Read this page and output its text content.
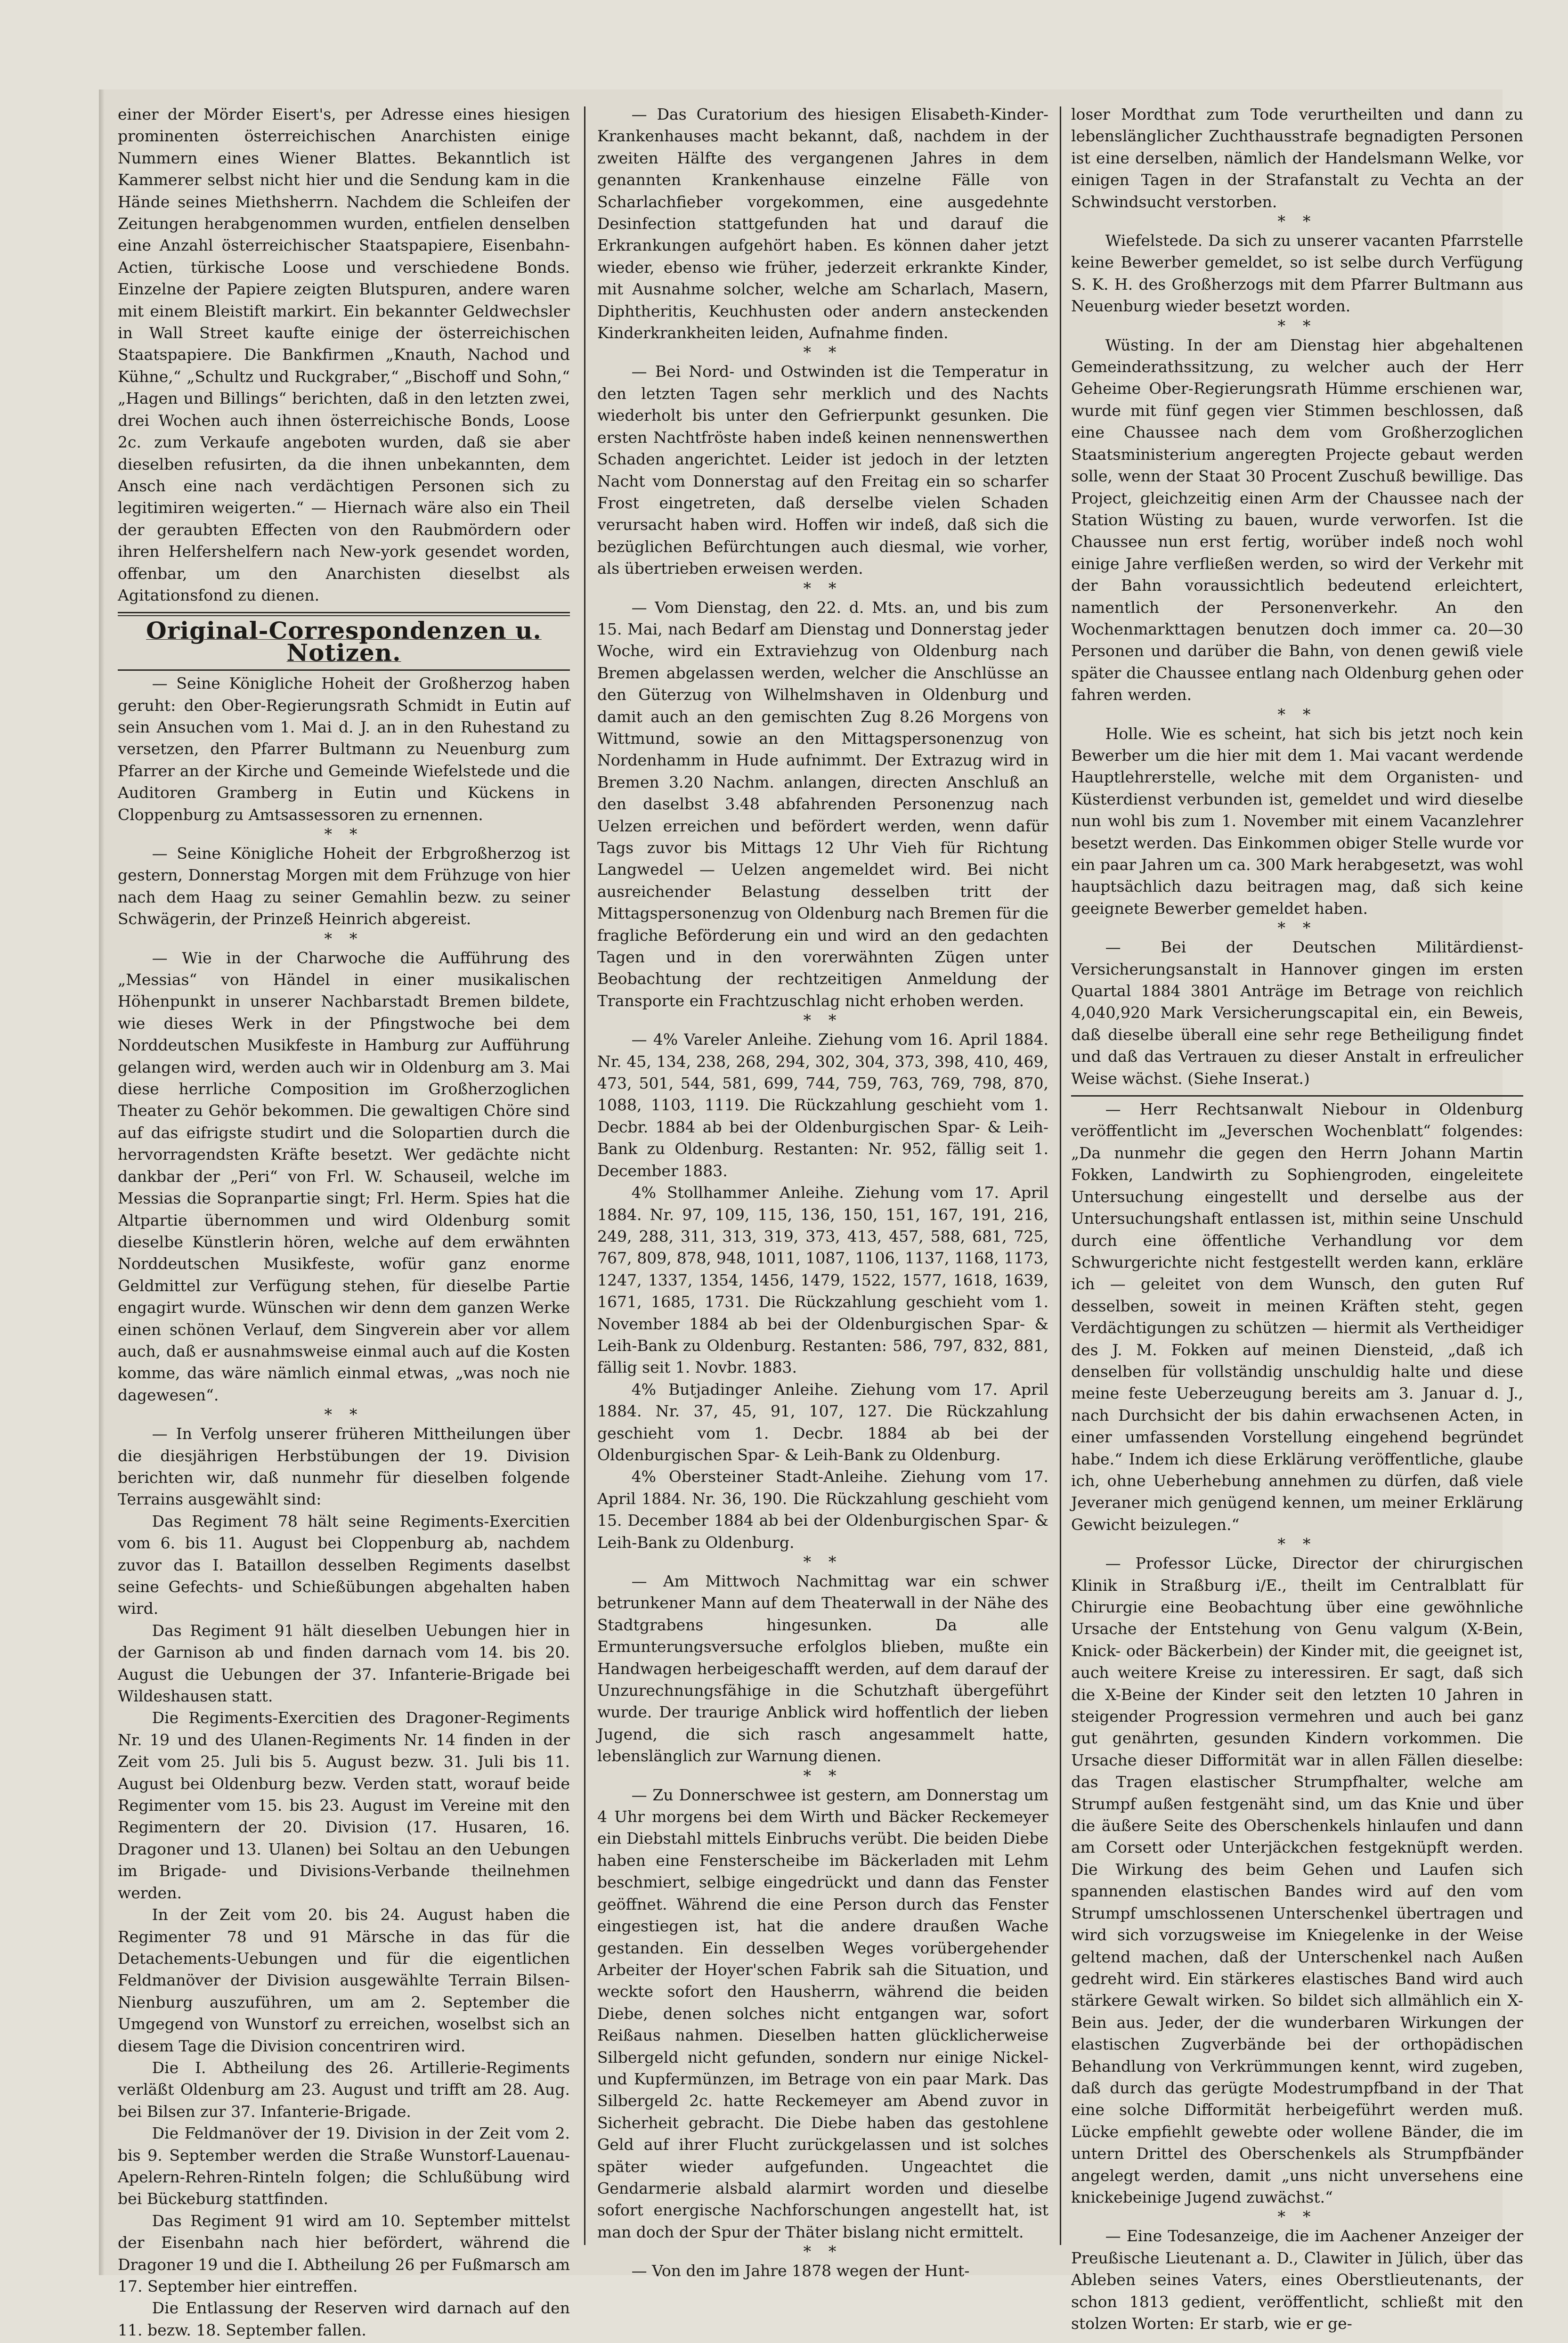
einer der Mörder Eisert's, per Adresse eines hiesigen prominenten österreichischen Anarchisten einige Nummern eines Wiener Blattes. Bekanntlich ist Kammerer selbst nicht hier und die Sendung kam in die Hände seines Miethsherrn. Nachdem die Schleifen der Zeitungen herabgenommen wurden, entfielen denselben eine Anzahl österreichischer Staatspapiere, Eisenbahn-Actien, türkische Loose und verschiedene Bonds. Einzelne der Papiere zeigten Blutspuren, andere waren mit einem Bleistift markirt. Ein bekannter Geldwechsler in Wall Street kaufte einige der österreichischen Staatspapiere. Die Bankfirmen „Knauth, Nachod und Kühne,“ „Schultz und Ruckgraber,“ „Bischoff und Sohn,“ „Hagen und Billings“ berichten, daß in den letzten zwei, drei Wochen auch ihnen österreichische Bonds, Loose 2c. zum Verkaufe angeboten wurden, daß sie aber dieselben refusirten, da die ihnen unbekannten, dem Ansch eine nach verdächtigen Personen sich zu legitimiren weigerten.“ — Hiernach wäre also ein Theil der geraubten Effecten von den Raubmördern oder ihren Helfershelfern nach New-york gesendet worden, offenbar, um den Anarchisten dieselbst als Agitationsfond zu dienen.

Original-Correspondenzen u. Notizen.

— Seine Königliche Hoheit der Großherzog haben geruht: den Ober-Regierungsrath Schmidt in Eutin auf sein Ansuchen vom 1. Mai d. J. an in den Ruhestand zu versetzen, den Pfarrer Bultmann zu Neuenburg zum Pfarrer an der Kirche und Gemeinde Wiefelstede und die Auditoren Gramberg in Eutin und Kückens in Cloppenburg zu Amtsassessoren zu ernennen.

* *

— Seine Königliche Hoheit der Erbgroßherzog ist gestern, Donnerstag Morgen mit dem Frühzuge von hier nach dem Haag zu seiner Gemahlin bezw. zu seiner Schwägerin, der Prinzeß Heinrich abgereist.

* *

— Wie in der Charwoche die Aufführung des „Messias“ von Händel in einer musikalischen Höhenpunkt in unserer Nachbarstadt Bremen bildete, wie dieses Werk in der Pfingstwoche bei dem Norddeutschen Musikfeste in Hamburg zur Aufführung gelangen wird, werden auch wir in Oldenburg am 3. Mai diese herrliche Composition im Großherzoglichen Theater zu Gehör bekommen. Die gewaltigen Chöre sind auf das eifrigste studirt und die Solopartien durch die hervorragendsten Kräfte besetzt. Wer gedächte nicht dankbar der „Peri“ von Frl. W. Schauseil, welche im Messias die Sopranpartie singt; Frl. Herm. Spies hat die Altpartie übernommen und wird Oldenburg somit dieselbe Künstlerin hören, welche auf dem erwähnten Norddeutschen Musikfeste, wofür ganz enorme Geldmittel zur Verfügung stehen, für dieselbe Partie engagirt wurde. Wünschen wir denn dem ganzen Werke einen schönen Verlauf, dem Singverein aber vor allem auch, daß er ausnahmsweise einmal auch auf die Kosten komme, das wäre nämlich einmal etwas, „was noch nie dagewesen“.

* *

— In Verfolg unserer früheren Mittheilungen über die diesjährigen Herbstübungen der 19. Division berichten wir, daß nunmehr für dieselben folgende Terrains ausgewählt sind:

Das Regiment 78 hält seine Regiments-Exercitien vom 6. bis 11. August bei Cloppenburg ab, nachdem zuvor das I. Bataillon desselben Regiments daselbst seine Gefechts- und Schießübungen abgehalten haben wird.

Das Regiment 91 hält dieselben Uebungen hier in der Garnison ab und finden darnach vom 14. bis 20. August die Uebungen der 37. Infanterie-Brigade bei Wildeshausen statt.

Die Regiments-Exercitien des Dragoner-Regiments Nr. 19 und des Ulanen-Regiments Nr. 14 finden in der Zeit vom 25. Juli bis 5. August bezw. 31. Juli bis 11. August bei Oldenburg bezw. Verden statt, worauf beide Regimenter vom 15. bis 23. August im Vereine mit den Regimentern der 20. Division (17. Husaren, 16. Dragoner und 13. Ulanen) bei Soltau an den Uebungen im Brigade- und Divisions-Verbande theilnehmen werden.

In der Zeit vom 20. bis 24. August haben die Regimenter 78 und 91 Märsche in das für die Detachements-Uebungen und für die eigentlichen Feldmanöver der Division ausgewählte Terrain Bilsen-Nienburg auszuführen, um am 2. September die Umgegend von Wunstorf zu erreichen, woselbst sich an diesem Tage die Division concentriren wird.

Die I. Abtheilung des 26. Artillerie-Regiments verläßt Oldenburg am 23. August und trifft am 28. Aug. bei Bilsen zur 37. Infanterie-Brigade.

Die Feldmanöver der 19. Division in der Zeit vom 2. bis 9. September werden die Straße Wunstorf-Lauenau-Apelern-Rehren-Rinteln folgen; die Schlußübung wird bei Bückeburg stattfinden.

Das Regiment 91 wird am 10. September mittelst der Eisenbahn nach hier befördert, während die Dragoner 19 und die I. Abtheilung 26 per Fußmarsch am 17. September hier eintreffen.

Die Entlassung der Reserven wird darnach auf den 11. bezw. 18. September fallen.

— Das Curatorium des hiesigen Elisabeth-Kinder-Krankenhauses macht bekannt, daß, nachdem in der zweiten Hälfte des vergangenen Jahres in dem genannten Krankenhause einzelne Fälle von Scharlachfieber vorgekommen, eine ausgedehnte Desinfection stattgefunden hat und darauf die Erkrankungen aufgehört haben. Es können daher jetzt wieder, ebenso wie früher, jederzeit erkrankte Kinder, mit Ausnahme solcher, welche am Scharlach, Masern, Diphtheritis, Keuchhusten oder andern ansteckenden Kinderkrankheiten leiden, Aufnahme finden.

* *

— Bei Nord- und Ostwinden ist die Temperatur in den letzten Tagen sehr merklich und des Nachts wiederholt bis unter den Gefrierpunkt gesunken. Die ersten Nachtfröste haben indeß keinen nennenswerthen Schaden angerichtet. Leider ist jedoch in der letzten Nacht vom Donnerstag auf den Freitag ein so scharfer Frost eingetreten, daß derselbe vielen Schaden verursacht haben wird. Hoffen wir indeß, daß sich die bezüglichen Befürchtungen auch diesmal, wie vorher, als übertrieben erweisen werden.

* *

— Vom Dienstag, den 22. d. Mts. an, und bis zum 15. Mai, nach Bedarf am Dienstag und Donnerstag jeder Woche, wird ein Extraviehzug von Oldenburg nach Bremen abgelassen werden, welcher die Anschlüsse an den Güterzug von Wilhelmshaven in Oldenburg und damit auch an den gemischten Zug 8.26 Morgens von Wittmund, sowie an den Mittagspersonenzug von Nordenhamm in Hude aufnimmt. Der Extrazug wird in Bremen 3.20 Nachm. anlangen, directen Anschluß an den daselbst 3.48 abfahrenden Personenzug nach Uelzen erreichen und befördert werden, wenn dafür Tags zuvor bis Mittags 12 Uhr Vieh für Richtung Langwedel — Uelzen angemeldet wird. Bei nicht ausreichender Belastung desselben tritt der Mittagspersonenzug von Oldenburg nach Bremen für die fragliche Beförderung ein und wird an den gedachten Tagen und in den vorerwähnten Zügen unter Beobachtung der rechtzeitigen Anmeldung der Transporte ein Frachtzuschlag nicht erhoben werden.

* *

— 4% Vareler Anleihe. Ziehung vom 16. April 1884. Nr. 45, 134, 238, 268, 294, 302, 304, 373, 398, 410, 469, 473, 501, 544, 581, 699, 744, 759, 763, 769, 798, 870, 1088, 1103, 1119. Die Rückzahlung geschieht vom 1. Decbr. 1884 ab bei der Oldenburgischen Spar- & Leih-Bank zu Oldenburg. Restanten: Nr. 952, fällig seit 1. December 1883.

4% Stollhammer Anleihe. Ziehung vom 17. April 1884. Nr. 97, 109, 115, 136, 150, 151, 167, 191, 216, 249, 288, 311, 313, 319, 373, 413, 457, 588, 681, 725, 767, 809, 878, 948, 1011, 1087, 1106, 1137, 1168, 1173, 1247, 1337, 1354, 1456, 1479, 1522, 1577, 1618, 1639, 1671, 1685, 1731. Die Rückzahlung geschieht vom 1. November 1884 ab bei der Oldenburgischen Spar- & Leih-Bank zu Oldenburg. Restanten: 586, 797, 832, 881, fällig seit 1. Novbr. 1883.

4% Butjadinger Anleihe. Ziehung vom 17. April 1884. Nr. 37, 45, 91, 107, 127. Die Rückzahlung geschieht vom 1. Decbr. 1884 ab bei der Oldenburgischen Spar- & Leih-Bank zu Oldenburg.

4% Obersteiner Stadt-Anleihe. Ziehung vom 17. April 1884. Nr. 36, 190. Die Rückzahlung geschieht vom 15. December 1884 ab bei der Oldenburgischen Spar- & Leih-Bank zu Oldenburg.

* *

— Am Mittwoch Nachmittag war ein schwer betrunkener Mann auf dem Theaterwall in der Nähe des Stadtgrabens hingesunken. Da alle Ermunterungsversuche erfolglos blieben, mußte ein Handwagen herbeigeschafft werden, auf dem darauf der Unzurechnungsfähige in die Schutzhaft übergeführt wurde. Der traurige Anblick wird hoffentlich der lieben Jugend, die sich rasch angesammelt hatte, lebenslänglich zur Warnung dienen.

* *

— Zu Donnerschwee ist gestern, am Donnerstag um 4 Uhr morgens bei dem Wirth und Bäcker Reckemeyer ein Diebstahl mittels Einbruchs verübt. Die beiden Diebe haben eine Fensterscheibe im Bäckerladen mit Lehm beschmiert, selbige eingedrückt und dann das Fenster geöffnet. Während die eine Person durch das Fenster eingestiegen ist, hat die andere draußen Wache gestanden. Ein desselben Weges vorübergehender Arbeiter der Hoyer'schen Fabrik sah die Situation, und weckte sofort den Hausherrn, während die beiden Diebe, denen solches nicht entgangen war, sofort Reißaus nahmen. Dieselben hatten glücklicherweise Silbergeld nicht gefunden, sondern nur einige Nickel- und Kupfermünzen, im Betrage von ein paar Mark. Das Silbergeld 2c. hatte Reckemeyer am Abend zuvor in Sicherheit gebracht. Die Diebe haben das gestohlene Geld auf ihrer Flucht zurückgelassen und ist solches später wieder aufgefunden. Ungeachtet die Gendarmerie alsbald alarmirt worden und dieselbe sofort energische Nachforschungen angestellt hat, ist man doch der Spur der Thäter bislang nicht ermittelt.

* *

— Von den im Jahre 1878 wegen der Hunt-

loser Mordthat zum Tode verurtheilten und dann zu lebenslänglicher Zuchthausstrafe begnadigten Personen ist eine derselben, nämlich der Handelsmann Welke, vor einigen Tagen in der Strafanstalt zu Vechta an der Schwindsucht verstorben.

* *

Wiefelstede. Da sich zu unserer vacanten Pfarrstelle keine Bewerber gemeldet, so ist selbe durch Verfügung S. K. H. des Großherzogs mit dem Pfarrer Bultmann aus Neuenburg wieder besetzt worden.

* *

Wüsting. In der am Dienstag hier abgehaltenen Gemeinderathssitzung, zu welcher auch der Herr Geheime Ober-Regierungsrath Hümme erschienen war, wurde mit fünf gegen vier Stimmen beschlossen, daß eine Chaussee nach dem vom Großherzoglichen Staatsministerium angeregten Projecte gebaut werden solle, wenn der Staat 30 Procent Zuschuß bewillige. Das Project, gleichzeitig einen Arm der Chaussee nach der Station Wüsting zu bauen, wurde verworfen. Ist die Chaussee nun erst fertig, worüber indeß noch wohl einige Jahre verfließen werden, so wird der Verkehr mit der Bahn voraussichtlich bedeutend erleichtert, namentlich der Personenverkehr. An den Wochenmarkttagen benutzen doch immer ca. 20—30 Personen und darüber die Bahn, von denen gewiß viele später die Chaussee entlang nach Oldenburg gehen oder fahren werden.

* *

Holle. Wie es scheint, hat sich bis jetzt noch kein Bewerber um die hier mit dem 1. Mai vacant werdende Hauptlehrerstelle, welche mit dem Organisten- und Küsterdienst verbunden ist, gemeldet und wird dieselbe nun wohl bis zum 1. November mit einem Vacanzlehrer besetzt werden. Das Einkommen obiger Stelle wurde vor ein paar Jahren um ca. 300 Mark herabgesetzt, was wohl hauptsächlich dazu beitragen mag, daß sich keine geeignete Bewerber gemeldet haben.

* *

— Bei der Deutschen Militärdienst-Versicherungsanstalt in Hannover gingen im ersten Quartal 1884 3801 Anträge im Betrage von reichlich 4,040,920 Mark Versicherungscapital ein, ein Beweis, daß dieselbe überall eine sehr rege Betheiligung findet und daß das Vertrauen zu dieser Anstalt in erfreulicher Weise wächst. (Siehe Inserat.)

— Herr Rechtsanwalt Niebour in Oldenburg veröffentlicht im „Jeverschen Wochenblatt“ folgendes: „Da nunmehr die gegen den Herrn Johann Martin Fokken, Landwirth zu Sophiengroden, eingeleitete Untersuchung eingestellt und derselbe aus der Untersuchungshaft entlassen ist, mithin seine Unschuld durch eine öffentliche Verhandlung vor dem Schwurgerichte nicht festgestellt werden kann, erkläre ich — geleitet von dem Wunsch, den guten Ruf desselben, soweit in meinen Kräften steht, gegen Verdächtigungen zu schützen — hiermit als Vertheidiger des J. M. Fokken auf meinen Diensteid, „daß ich denselben für vollständig unschuldig halte und diese meine feste Ueberzeugung bereits am 3. Januar d. J., nach Durchsicht der bis dahin erwachsenen Acten, in einer umfassenden Vorstellung eingehend begründet habe.“ Indem ich diese Erklärung veröffentliche, glaube ich, ohne Ueberhebung annehmen zu dürfen, daß viele Jeveraner mich genügend kennen, um meiner Erklärung Gewicht beizulegen.“

* *

— Professor Lücke, Director der chirurgischen Klinik in Straßburg i/E., theilt im Centralblatt für Chirurgie eine Beobachtung über eine gewöhnliche Ursache der Entstehung von Genu valgum (X-Bein, Knick- oder Bäckerbein) der Kinder mit, die geeignet ist, auch weitere Kreise zu interessiren. Er sagt, daß sich die X-Beine der Kinder seit den letzten 10 Jahren in steigender Progression vermehren und auch bei ganz gut genährten, gesunden Kindern vorkommen. Die Ursache dieser Difformität war in allen Fällen dieselbe: das Tragen elastischer Strumpfhalter, welche am Strumpf außen festgenäht sind, um das Knie und über die äußere Seite des Oberschenkels hinlaufen und dann am Corsett oder Unterjäckchen festgeknüpft werden. Die Wirkung des beim Gehen und Laufen sich spannenden elastischen Bandes wird auf den vom Strumpf umschlossenen Unterschenkel übertragen und wird sich vorzugsweise im Kniegelenke in der Weise geltend machen, daß der Unterschenkel nach Außen gedreht wird. Ein stärkeres elastisches Band wird auch stärkere Gewalt wirken. So bildet sich allmählich ein X-Bein aus. Jeder, der die wunderbaren Wirkungen der elastischen Zugverbände bei der orthopädischen Behandlung von Verkrümmungen kennt, wird zugeben, daß durch das gerügte Modestrumpfband in der That eine solche Difformität herbeigeführt werden muß. Lücke empfiehlt gewebte oder wollene Bänder, die im untern Drittel des Oberschenkels als Strumpfbänder angelegt werden, damit „uns nicht unversehens eine knickebeinige Jugend zuwächst.“

* *

— Eine Todesanzeige, die im Aachener Anzeiger der Preußische Lieutenant a. D., Clawiter in Jülich, über das Ableben seines Vaters, eines Oberstlieutenants, der schon 1813 gedient, veröffentlicht, schließt mit den stolzen Worten: Er starb, wie er ge-
